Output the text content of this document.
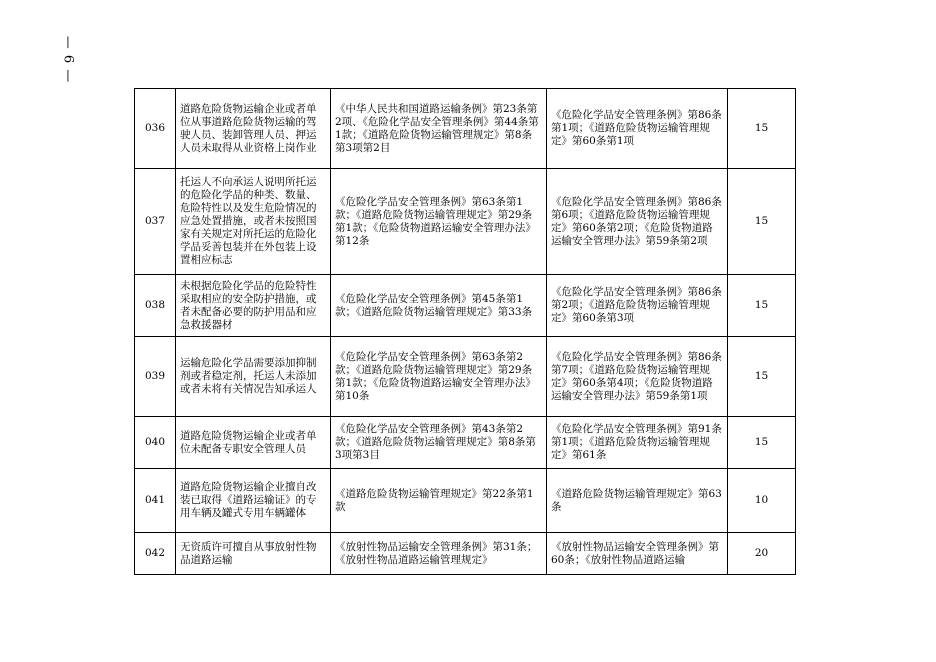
— 6 —
036	道路危险货物运输企业或者单位从事道路危险货物运输的驾驶人员、装卸管理人员、押运人员未取得从业资格上岗作业	《中华人民共和国道路运输条例》第23条第2项、《危险化学品安全管理条例》第44条第1款；《道路危险货物运输管理规定》第8条第3项第2目	《危险化学品安全管理条例》第86条第1项；《道路危险货物运输管理规定》第60条第1项	15
037	托运人不向承运人说明所托运的危险化学品的种类、数量、危险特性以及发生危险情况的应急处置措施，或者未按照国家有关规定对所托运的危险化学品妥善包装并在外包装上设置相应标志	《危险化学品安全管理条例》第63条第1款；《道路危险货物运输管理规定》第29条第1款；《危险货物道路运输安全管理办法》第12条	《危险化学品安全管理条例》第86条第6项；《道路危险货物运输管理规定》第60条第2项；《危险货物道路运输安全管理办法》第59条第2项	15
038	未根据危险化学品的危险特性采取相应的安全防护措施，或者未配备必要的防护用品和应急救援器材	《危险化学品安全管理条例》第45条第1款；《道路危险货物运输管理规定》第33条	《危险化学品安全管理条例》第86条第2项；《道路危险货物运输管理规定》第60条第3项	15
039	运输危险化学品需要添加抑制剂或者稳定剂，托运人未添加或者未将有关情况告知承运人	《危险化学品安全管理条例》第63条第2款；《道路危险货物运输管理规定》第29条第1款；《危险货物道路运输安全管理办法》第10条	《危险化学品安全管理条例》第86条第7项；《道路危险货物运输管理规定》第60条第4项；《危险货物道路运输安全管理办法》第59条第1项	15
040	道路危险货物运输企业或者单位未配备专职安全管理人员	《危险化学品安全管理条例》第43条第2款；《道路危险货物运输管理规定》第8条第3项第3目	《危险化学品安全管理条例》第91条第1项；《道路危险货物运输管理规定》第61条	15
041	道路危险货物运输企业擅自改装已取得《道路运输证》的专用车辆及罐式专用车辆罐体	《道路危险货物运输管理规定》第22条第1款	《道路危险货物运输管理规定》第63条	10
042	无资质许可擅自从事放射性物品道路运输	《放射性物品运输安全管理条例》第31条；《放射性物品道路运输管理规定》	《放射性物品运输安全管理条例》第60条；《放射性物品道路运输	20
